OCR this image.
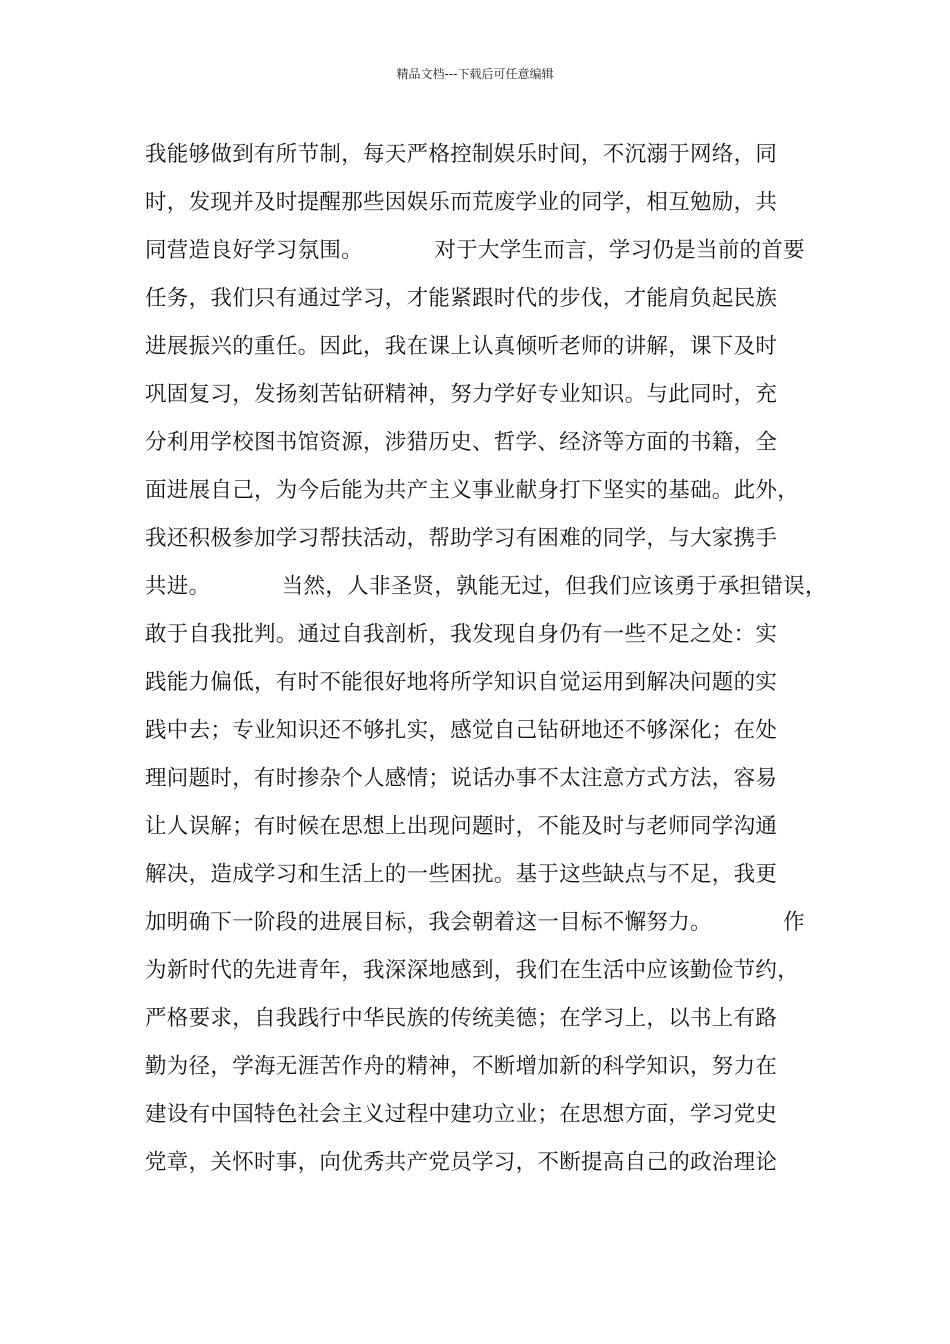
精品文档---下载后可任意编辑
我能够做到有所节制，每天严格控制娱乐时间，不沉溺于网络，同
时，发现并及时提醒那些因娱乐而荒废学业的同学，相互勉励，共
同营造良好学习氛围。          对于大学生而言，学习仍是当前的首要
任务，我们只有通过学习，才能紧跟时代的步伐，才能肩负起民族
进展振兴的重任。因此，我在课上认真倾听老师的讲解，课下及时
巩固复习，发扬刻苦钻研精神，努力学好专业知识。与此同时，充
分利用学校图书馆资源，涉猎历史、哲学、经济等方面的书籍，全
面进展自己，为今后能为共产主义事业献身打下坚实的基础。此外，
我还积极参加学习帮扶活动，帮助学习有困难的同学，与大家携手
共进。          当然，人非圣贤，孰能无过，但我们应该勇于承担错误，
敢于自我批判。通过自我剖析，我发现自身仍有一些不足之处：实
践能力偏低，有时不能很好地将所学知识自觉运用到解决问题的实
践中去；专业知识还不够扎实，感觉自己钻研地还不够深化；在处
理问题时，有时掺杂个人感情；说话办事不太注意方式方法，容易
让人误解；有时候在思想上出现问题时，不能及时与老师同学沟通
解决，造成学习和生活上的一些困扰。基于这些缺点与不足，我更
加明确下一阶段的进展目标，我会朝着这一目标不懈努力。          作
为新时代的先进青年，我深深地感到，我们在生活中应该勤俭节约，
严格要求，自我践行中华民族的传统美德；在学习上，以书上有路
勤为径，学海无涯苦作舟的精神，不断增加新的科学知识，努力在
建设有中国特色社会主义过程中建功立业；在思想方面，学习党史
党章，关怀时事，向优秀共产党员学习，不断提高自己的政治理论
